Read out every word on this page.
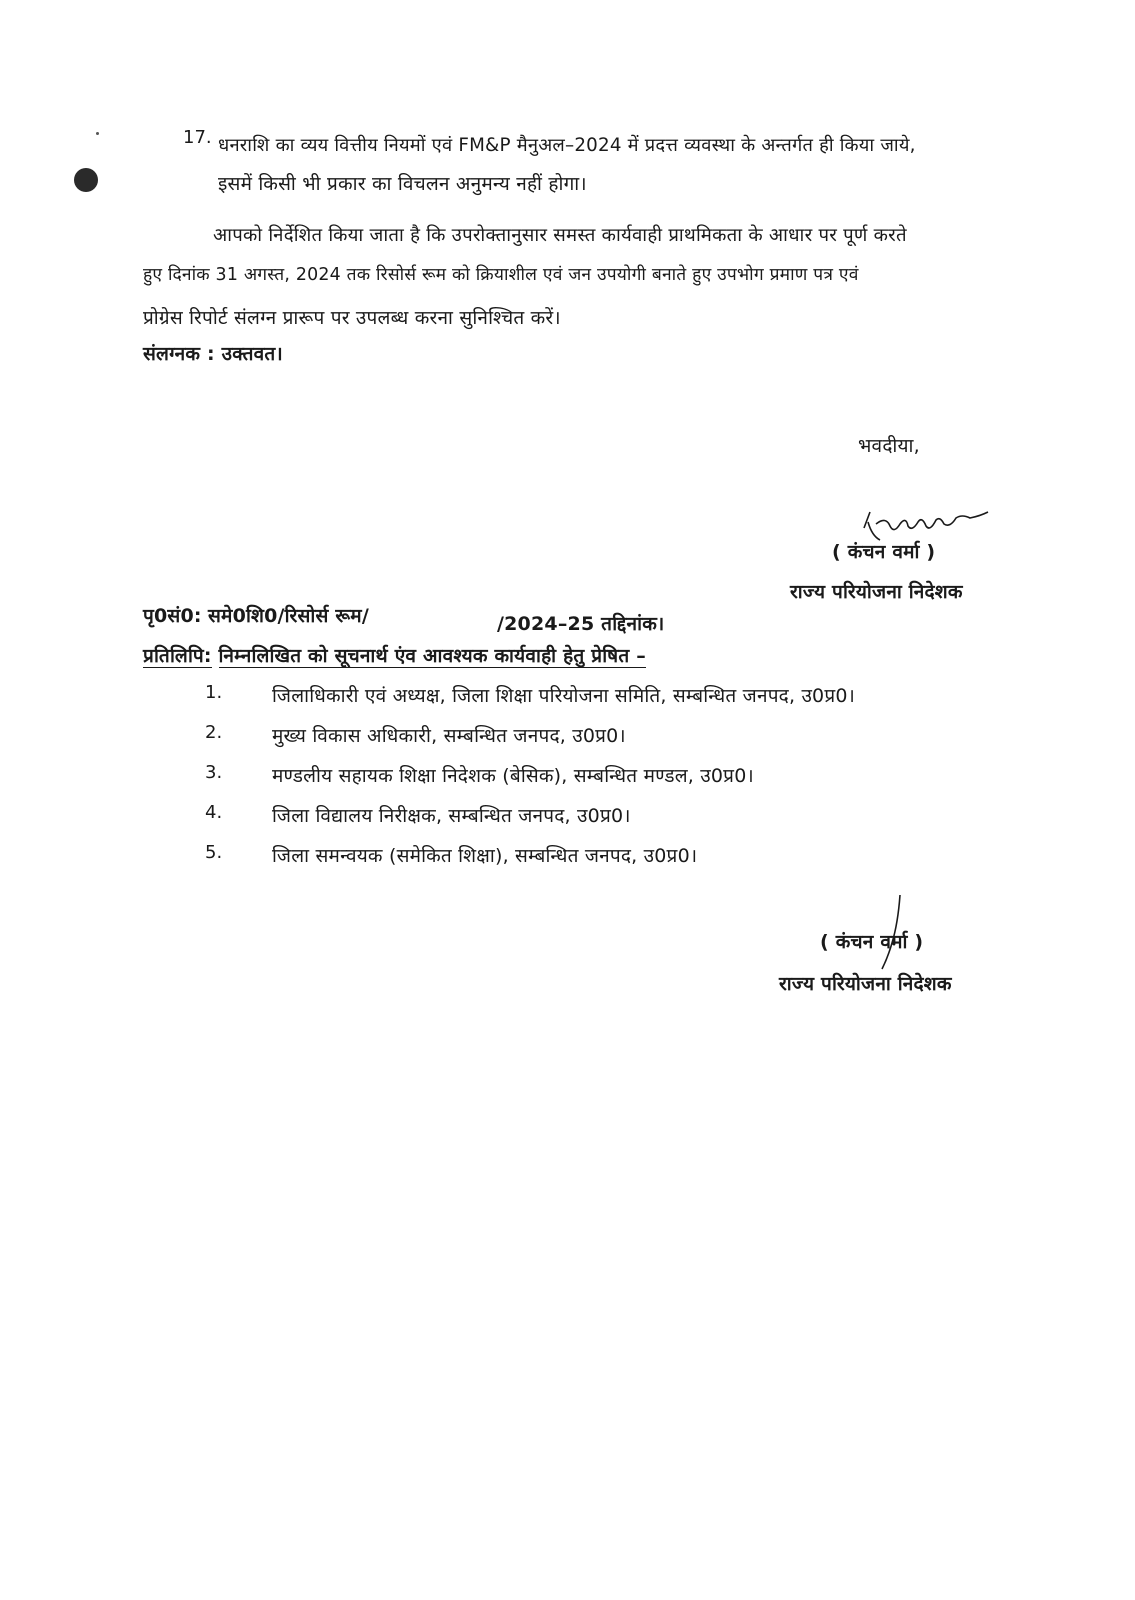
17. धनराशि का व्यय वित्तीय नियमों एवं FM&P मैनुअल–2024 में प्रदत्त व्यवस्था के अन्तर्गत ही किया जाये,
इसमें किसी भी प्रकार का विचलन अनुमन्य नहीं होगा।
आपको निर्देशित किया जाता है कि उपरोक्तानुसार समस्त कार्यवाही प्राथमिकता के आधार पर पूर्ण करते
हुए दिनांक 31 अगस्त, 2024 तक रिसोर्स रूम को क्रियाशील एवं जन उपयोगी बनाते हुए उपभोग प्रमाण पत्र एवं
प्रोग्रेस रिपोर्ट संलग्न प्रारूप पर उपलब्ध करना सुनिश्चित करें।
संलग्नक : उक्तवत।
भवदीया,
( कंचन वर्मा )
राज्य परियोजना निदेशक
पृ0सं0: समे0शि0/रिसोर्स रूम/	/2024–25 तद्दिनांक।
प्रतिलिपि: निम्नलिखित को सूचनार्थ एंव आवश्यक कार्यवाही हेतु प्रेषित –
1.	जिलाधिकारी एवं अध्यक्ष, जिला शिक्षा परियोजना समिति, सम्बन्धित जनपद, उ0प्र0।
2.	मुख्य विकास अधिकारी, सम्बन्धित जनपद, उ0प्र0।
3.	मण्डलीय सहायक शिक्षा निदेशक (बेसिक), सम्बन्धित मण्डल, उ0प्र0।
4.	जिला विद्यालय निरीक्षक, सम्बन्धित जनपद, उ0प्र0।
5.	जिला समन्वयक (समेकित शिक्षा), सम्बन्धित जनपद, उ0प्र0।
( कंचन वर्मा )
राज्य परियोजना निदेशक
